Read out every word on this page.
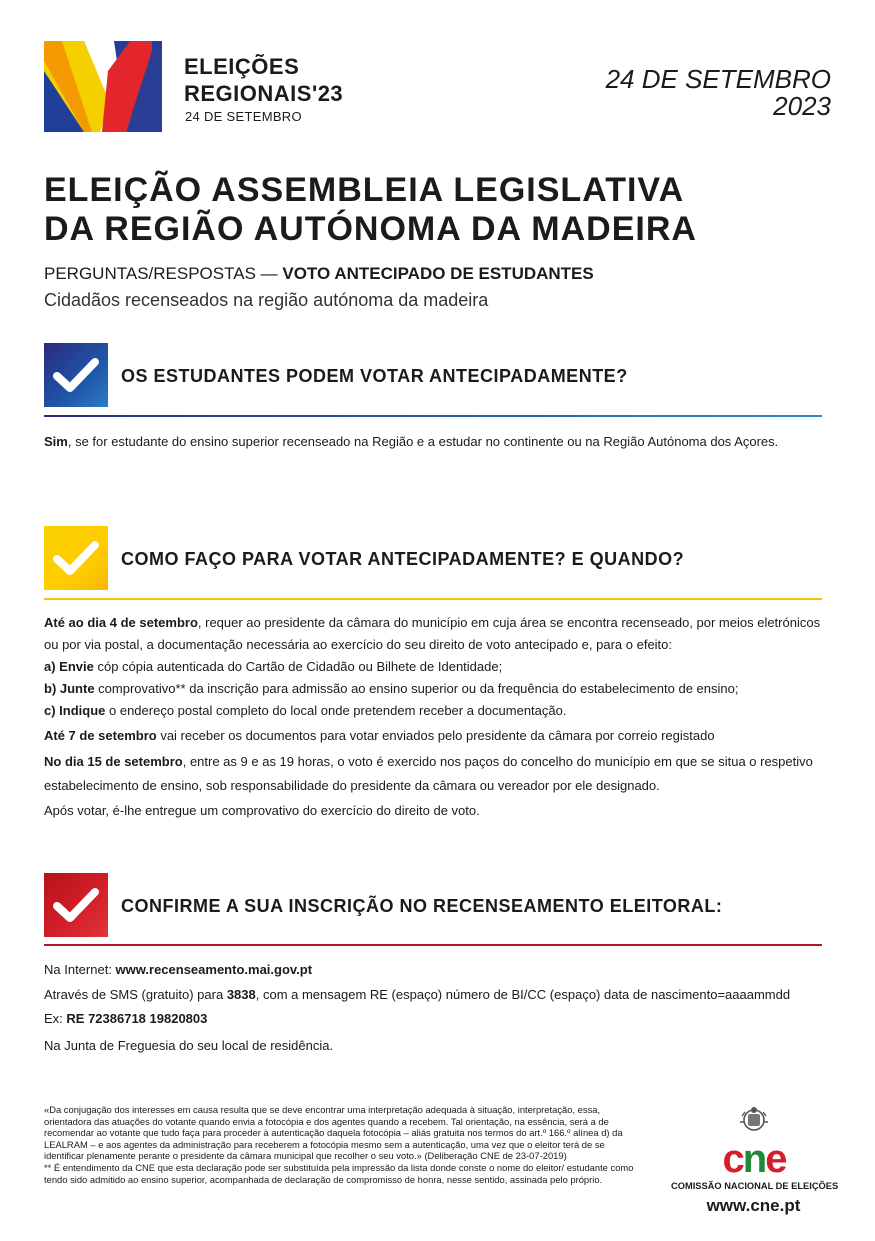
ELEIÇÕES
REGIONAIS'23
24 DE SETEMBRO
24 DE SETEMBRO
2023
ELEIÇÃO ASSEMBLEIA LEGISLATIVA
DA REGIÃO AUTÓNOMA DA MADEIRA
PERGUNTAS/RESPOSTAS — VOTO ANTECIPADO DE ESTUDANTES
Cidadãos recenseados na região autónoma da madeira
OS ESTUDANTES PODEM VOTAR ANTECIPADAMENTE?
Sim, se for estudante do ensino superior recenseado na Região e a estudar no continente ou na Região Autónoma dos Açores.
COMO FAÇO PARA VOTAR ANTECIPADAMENTE? E QUANDO?

Até ao dia 4 de setembro, requer ao presidente da câmara do município em cuja área se encontra recenseado, por meios eletrónicos ou por via postal, a documentação necessária ao exercício do seu direito de voto antecipado e, para o efeito:

a) Envie cóp cópia autenticada do Cartão de Cidadão ou Bilhete de Identidade;

b) Junte comprovativo** da inscrição para admissão ao ensino superior ou da frequência do estabelecimento de ensino;

c) Indique o endereço postal completo do local onde pretendem receber a documentação.

Até 7 de setembro vai receber os documentos para votar enviados pelo presidente da câmara por correio registado

No dia 15 de setembro, entre as 9 e as 19 horas, o voto é exercido nos paços do concelho do município em que se situa o respetivo estabelecimento de ensino, sob responsabilidade do presidente da câmara ou vereador por ele designado.

Após votar, é-lhe entregue um comprovativo do exercício do direito de voto.

CONFIRME A SUA INSCRIÇÃO NO RECENSEAMENTO ELEITORAL:

Na Internet: www.recenseamento.mai.gov.pt

Através de SMS (gratuito) para 3838, com a mensagem RE (espaço) número de BI/CC (espaço) data de nascimento=aaaammdd

Ex: RE 72386718 19820803

Na Junta de Freguesia do seu local de residência.

«Da conjugação dos interesses em causa resulta que se deve encontrar uma interpretação adequada à situação, interpretação, essa, orientadora das atuações do votante quando envia a fotocópia e dos agentes quando a recebem. Tal orientação, na essência, será a de recomendar ao votante que tudo faça para proceder à autenticação daquela fotocópia – aliás gratuita nos termos do art.º 166.º alínea d) da LEALRAM – e aos agentes da administração para receberem a fotocópia mesmo sem a autenticação, uma vez que o eleitor terá de se identificar plenamente perante o presidente da câmara municipal que recolher o seu voto.» (Deliberação CNE de 23-07-2019)
** É entendimento da CNE que esta declaração pode ser substituída pela impressão da lista donde conste o nome do eleitor/ estudante como tendo sido admitido ao ensino superior, acompanhada de declaração de compromisso de honra, nesse sentido, assinada pelo próprio.	cne
COMISSÃO NACIONAL DE ELEIÇÕES
www.cne.pt
